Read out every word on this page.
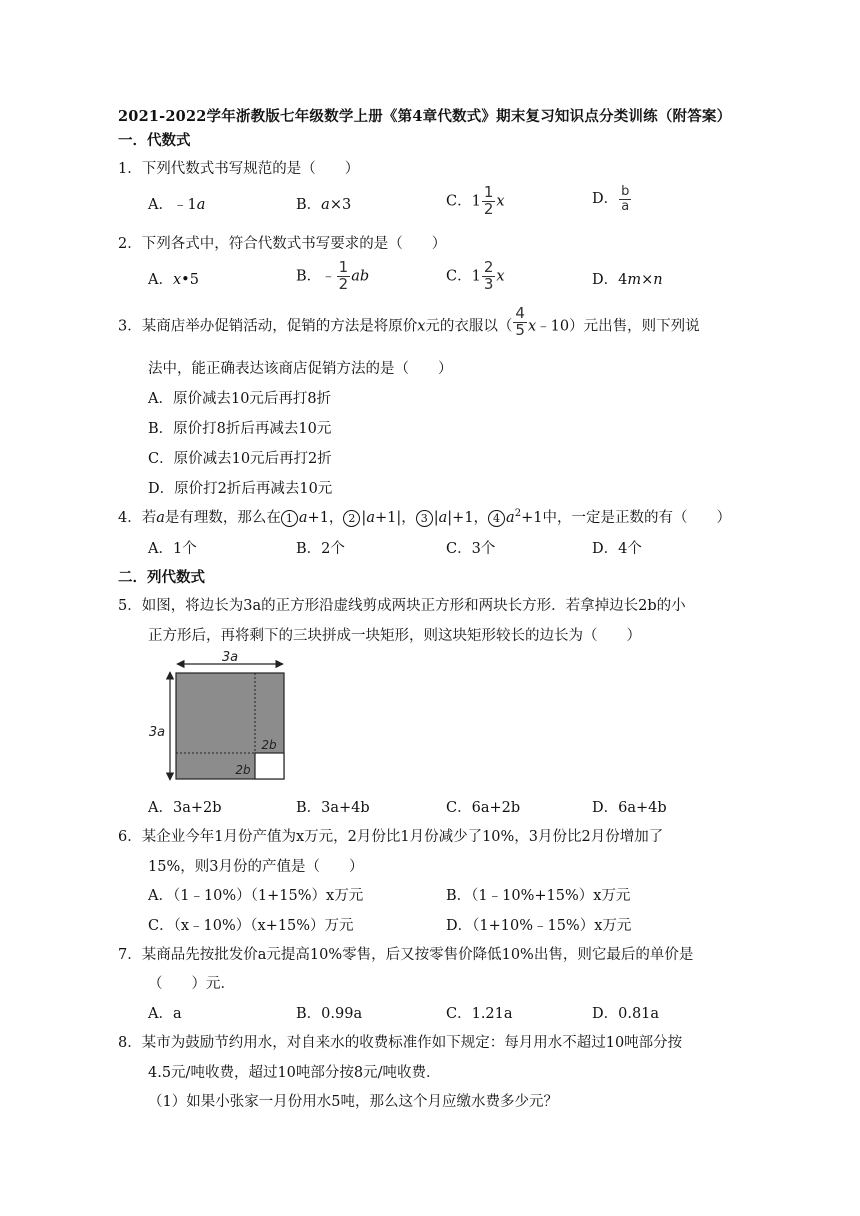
2021-2022学年浙教版七年级数学上册《第4章代数式》期末复习知识点分类训练（附答案）
一．代数式
1．下列代数式书写规范的是（　　）
A．﹣1a	B．a×3	C．$1 \frac{1}{2}$ x	D． $\frac{b}{a}$
2．下列各式中，符合代数式书写要求的是（　　）
A．x•5	B．﹣ $\frac{1}{2}$ ab	C．$1 \frac{2}{3}$ x	D．4m×n
3．某商店举办促销活动，促销的方法是将原价x元的衣服以（ $\frac{4}{5}$ x﹣10）元出售，则下列说
法中，能正确表达该商店促销方法的是（　　）
A．原价减去10元后再打8折
B．原价打8折后再减去10元
C．原价减去10元后再打2折
D．原价打2折后再减去10元
4．若a是有理数，那么在 1 a+1， 2 |a+1|， 3 |a|+1， 4 $a^2+1$中，一定是正数的有（　　）
A．1个	B．2个	C．3个	D．4个
二．列代数式
5．如图，将边长为3a的正方形沿虚线剪成两块正方形和两块长方形．若拿掉边长2b的小
正方形后，再将剩下的三块拼成一块矩形，则这块矩形较长的边长为（　　）
3a
3a
2b
2b
A．3a+2b	B．3a+4b	C．6a+2b	D．6a+4b
6．某企业今年1月份产值为x万元，2月份比1月份减少了10%，3月份比2月份增加了
15%，则3月份的产值是（　　）
A．（1﹣10%）（1+15%）x万元	B．（1﹣10%+15%）x万元
C．（x﹣10%）（x+15%）万元	D．（1+10%﹣15%）x万元
7．某商品先按批发价a元提高10%零售，后又按零售价降低10%出售，则它最后的单价是
（　　）元．
A．a	B．0.99a	C．1.21a	D．0.81a
8．某市为鼓励节约用水，对自来水的收费标准作如下规定：每月用水不超过10吨部分按
4.5元/吨收费，超过10吨部分按8元/吨收费．
（1）如果小张家一月份用水5吨，那么这个月应缴水费多少元？
